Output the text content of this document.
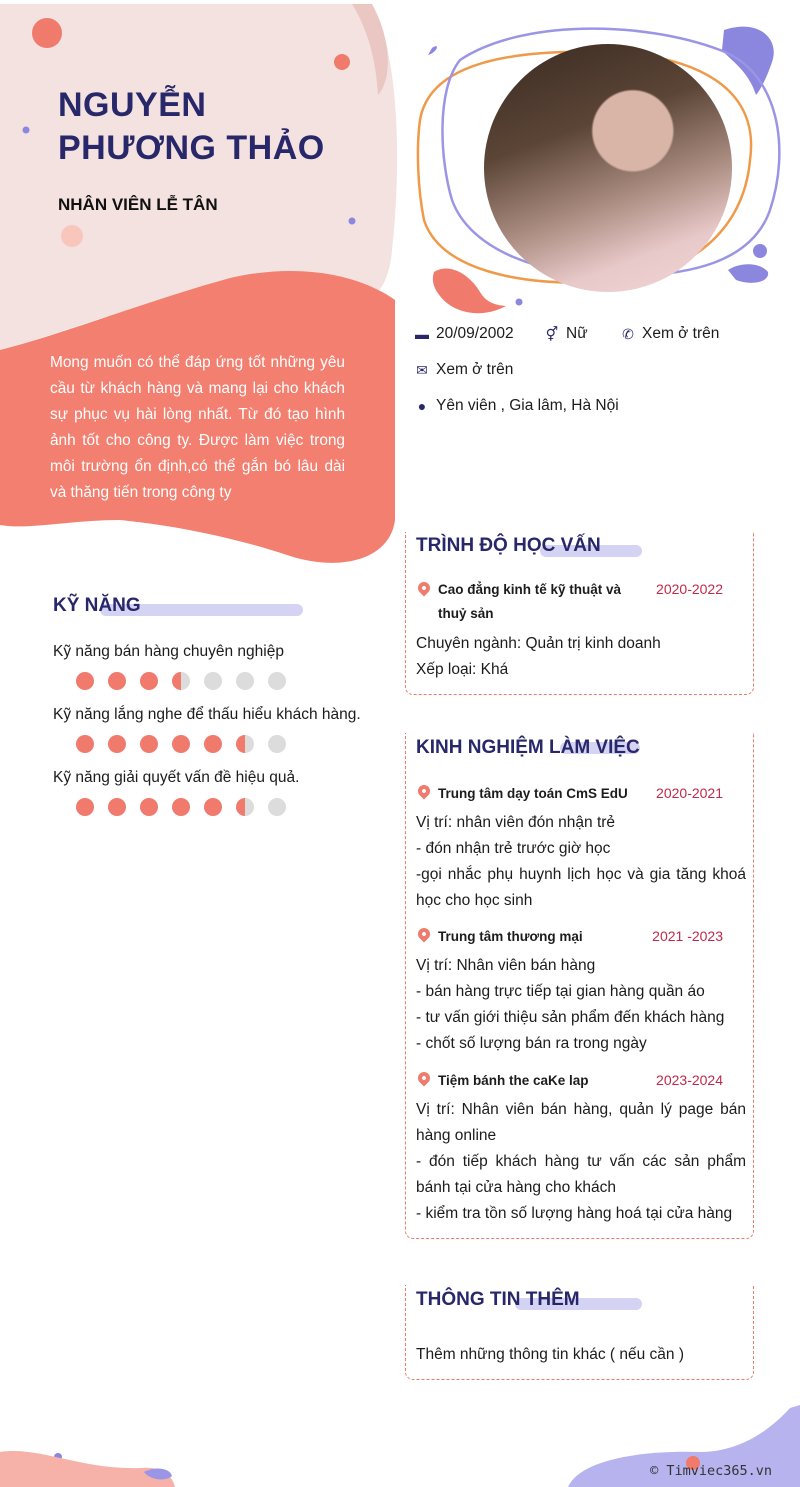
NGUYỄN
PHƯƠNG THẢO
NHÂN VIÊN LỄ TÂN
Mong muốn có thể đáp ứng tốt những yêu cầu từ khách hàng và mang lại cho khách sự phục vụ hài lòng nhất. Từ đó tạo hình ảnh tốt cho công ty. Được làm việc trong môi trường ổn định,có thể gắn bó lâu dài và thăng tiến trong công ty
▬ 20/09/2002 ⚥ Nữ ✆ Xem ở trên
✉ Xem ở trên
● Yên viên , Gia lâm, Hà Nội
KỸ NĂNG
Kỹ năng bán hàng chuyên nghiệp
Kỹ năng lắng nghe để thấu hiểu khách hàng.
Kỹ năng giải quyết vấn đề hiệu quả.
TRÌNH ĐỘ HỌC VẤN
Cao đẳng kinh tế kỹ thuật và
thuỷ sản
2020-2022
Chuyên ngành: Quản trị kinh doanh
Xếp loại: Khá
KINH NGHIỆM LÀM VIỆC
Trung tâm dạy toán CmS EdU 2020-2021
Vị trí: nhân viên đón nhận trẻ
- đón nhận trẻ trước giờ học
-gọi nhắc phụ huynh lịch học và gia tăng khoá học cho học sinh
Trung tâm thương mại	2021 -2023
Vị trí: Nhân viên bán hàng
- bán hàng trực tiếp tại gian hàng quần áo
- tư vấn giới thiệu sản phẩm đến khách hàng
- chốt số lượng bán ra trong ngày
Tiệm bánh the caKe lap	2023-2024
Vị trí: Nhân viên bán hàng, quản lý page bán hàng online
- đón tiếp khách hàng tư vấn các sản phẩm bánh tại cửa hàng cho khách
- kiểm tra tồn số lượng hàng hoá tại cửa hàng
THÔNG TIN THÊM
Thêm những thông tin khác ( nếu cần )
© Timviec365.vn
